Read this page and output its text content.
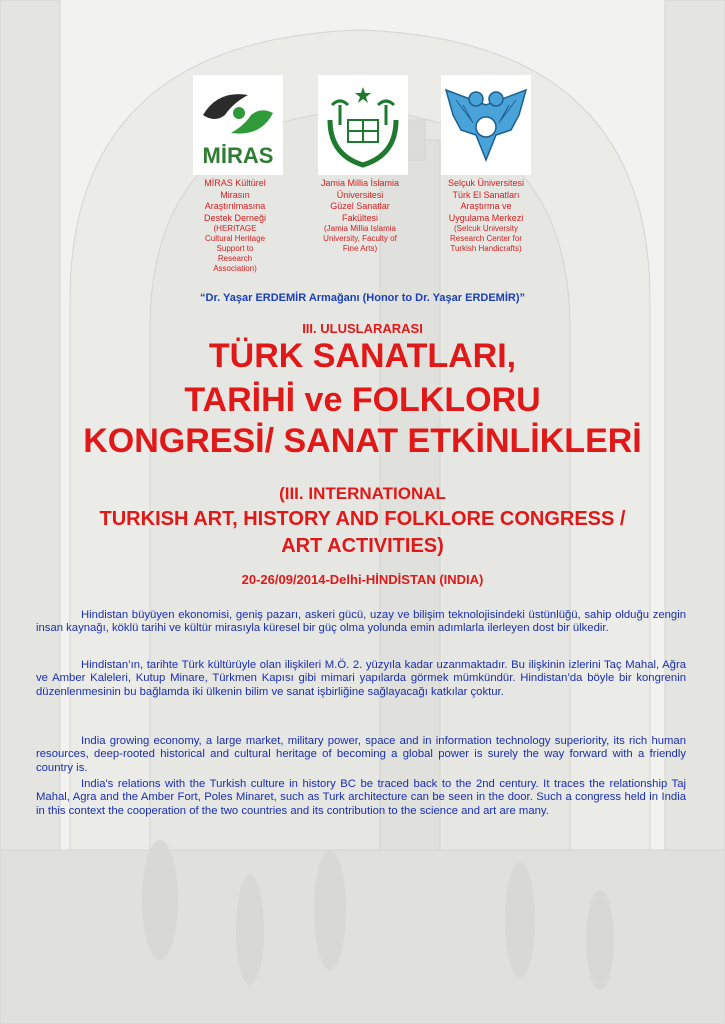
MİRAS
MİRAS Kültürel
Mirasın
Araştırılmasına
Destek Derneği
(HERITAGE
Cultural Heritage
Support to
Research
Association)
Jamia Millia İslamia
Üniversitesi
Güzel Sanatlar
Fakültesi
(Jamia Millia Islamia
University, Faculty of
Fine Arts)
Selçuk Üniversitesi
Türk El Sanatları
Araştırma ve
Uygulama Merkezi
(Selcuk University
Research Center for
Turkish Handicrafts)
“Dr. Yaşar ERDEMİR Armağanı (Honor to Dr. Yaşar ERDEMİR)”
III. ULUSLARARASI
TÜRK SANATLARI,
TARİHİ ve FOLKLORU
KONGRESİ/ SANAT ETKİNLİKLERİ
(III. INTERNATIONAL
TURKISH ART, HISTORY AND FOLKLORE CONGRESS /
ART ACTIVITIES)
20-26/09/2014-Delhi-HİNDİSTAN (INDIA)

Hindistan büyüyen ekonomisi, geniş pazarı, askeri gücü, uzay ve bilişim teknolojisindeki üstünlüğü, sahip olduğu zengin insan kaynağı, köklü tarihi ve kültür mirasıyla küresel bir güç olma yolunda emin adımlarla ilerleyen dost bir ülkedir.

Hindistan’ın, tarihte Türk kültürüyle olan ilişkileri M.Ö. 2. yüzyıla kadar uzanmaktadır. Bu ilişkinin izlerini Taç Mahal, Ağra ve Amber Kaleleri, Kutup Minare, Türkmen Kapısı gibi mimari yapılarda görmek mümkündür. Hindistan’da böyle bir kongrenin düzenlenmesinin bu bağlamda iki ülkenin bilim ve sanat işbirliğine sağlayacağı katkılar çoktur.

India growing economy, a large market, military power, space and in information technology superiority, its rich human resources, deep-rooted historical and cultural heritage of becoming a global power is surely the way forward with a friendly country is.

India's relations with the Turkish culture in history BC be traced back to the 2nd century. It traces the relationship Taj Mahal, Agra and the Amber Fort, Poles Minaret, such as Turk architecture can be seen in the door. Such a congress held in India in this context the cooperation of the two countries and its contribution to the science and art are many.
